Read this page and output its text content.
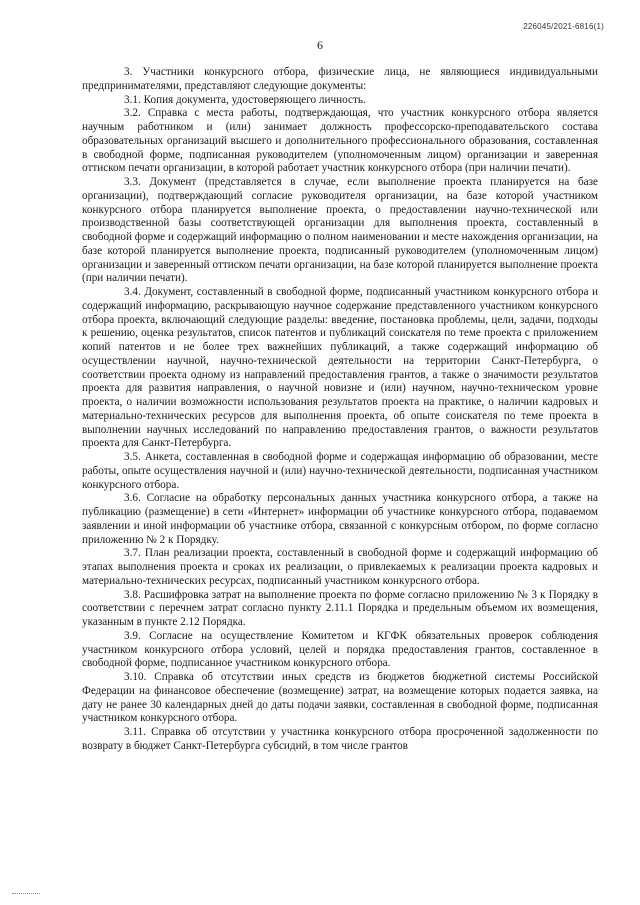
226045/2021-6816(1)
6

3. Участники конкурсного отбора, физические лица, не являющиеся индивидуальными предпринимателями, представляют следующие документы:

3.1. Копия документа, удостоверяющего личность.

3.2. Справка с места работы, подтверждающая, что участник конкурсного отбора является научным работником и (или) занимает должность профессорско-преподавательского состава образовательных организаций высшего и дополнительного профессионального образования, составленная в свободной форме, подписанная руководителем (уполномоченным лицом) организации и заверенная оттиском печати организации, в которой работает участник конкурсного отбора (при наличии печати).

3.3. Документ (представляется в случае, если выполнение проекта планируется на базе организации), подтверждающий согласие руководителя организации, на базе которой участником конкурсного отбора планируется выполнение проекта, о предоставлении научно-технической или производственной базы соответствующей организации для выполнения проекта, составленный в свободной форме и содержащий информацию о полном наименовании и месте нахождения организации, на базе которой планируется выполнение проекта, подписанный руководителем (уполномоченным лицом) организации и заверенный оттиском печати организации, на базе которой планируется выполнение проекта (при наличии печати).

3.4. Документ, составленный в свободной форме, подписанный участником конкурсного отбора и содержащий информацию, раскрывающую научное содержание представленного участником конкурсного отбора проекта, включающий следующие разделы: введение, постановка проблемы, цели, задачи, подходы к решению, оценка результатов, список патентов и публикаций соискателя по теме проекта с приложением копий патентов и не более трех важнейших публикаций, а также содержащий информацию об осуществлении научной, научно-технической деятельности на территории Санкт-Петербурга, о соответствии проекта одному из направлений предоставления грантов, а также о значимости результатов проекта для развития направления, о научной новизне и (или) научном, научно-техническом уровне проекта, о наличии возможности использования результатов проекта на практике, о наличии кадровых и материально-технических ресурсов для выполнения проекта, об опыте соискателя по теме проекта в выполнении научных исследований по направлению предоставления грантов, о важности результатов проекта для Санкт-Петербурга.

3.5. Анкета, составленная в свободной форме и содержащая информацию об образовании, месте работы, опыте осуществления научной и (или) научно-технической деятельности, подписанная участником конкурсного отбора.

3.6. Согласие на обработку персональных данных участника конкурсного отбора, а также на публикацию (размещение) в сети «Интернет» информации об участнике конкурсного отбора, подаваемом заявлении и иной информации об участнике отбора, связанной с конкурсным отбором, по форме согласно приложению № 2 к Порядку.

3.7. План реализации проекта, составленный в свободной форме и содержащий информацию об этапах выполнения проекта и сроках их реализации, о привлекаемых к реализации проекта кадровых и материально-технических ресурсах, подписанный участником конкурсного отбора.

3.8. Расшифровка затрат на выполнение проекта по форме согласно приложению № 3 к Порядку в соответствии с перечнем затрат согласно пункту 2.11.1 Порядка и предельным объемом их возмещения, указанным в пункте 2.12 Порядка.

3.9. Согласие на осуществление Комитетом и КГФК обязательных проверок соблюдения участником конкурсного отбора условий, целей и порядка предоставления грантов, составленное в свободной форме, подписанное участником конкурсного отбора.

3.10. Справка об отсутствии иных средств из бюджетов бюджетной системы Российской Федерации на финансовое обеспечение (возмещение) затрат, на возмещение которых подается заявка, на дату не ранее 30 календарных дней до даты подачи заявки, составленная в свободной форме, подписанная участником конкурсного отбора.

3.11. Справка об отсутствии у участника конкурсного отбора просроченной задолженности по возврату в бюджет Санкт-Петербурга субсидий, в том числе грантов
